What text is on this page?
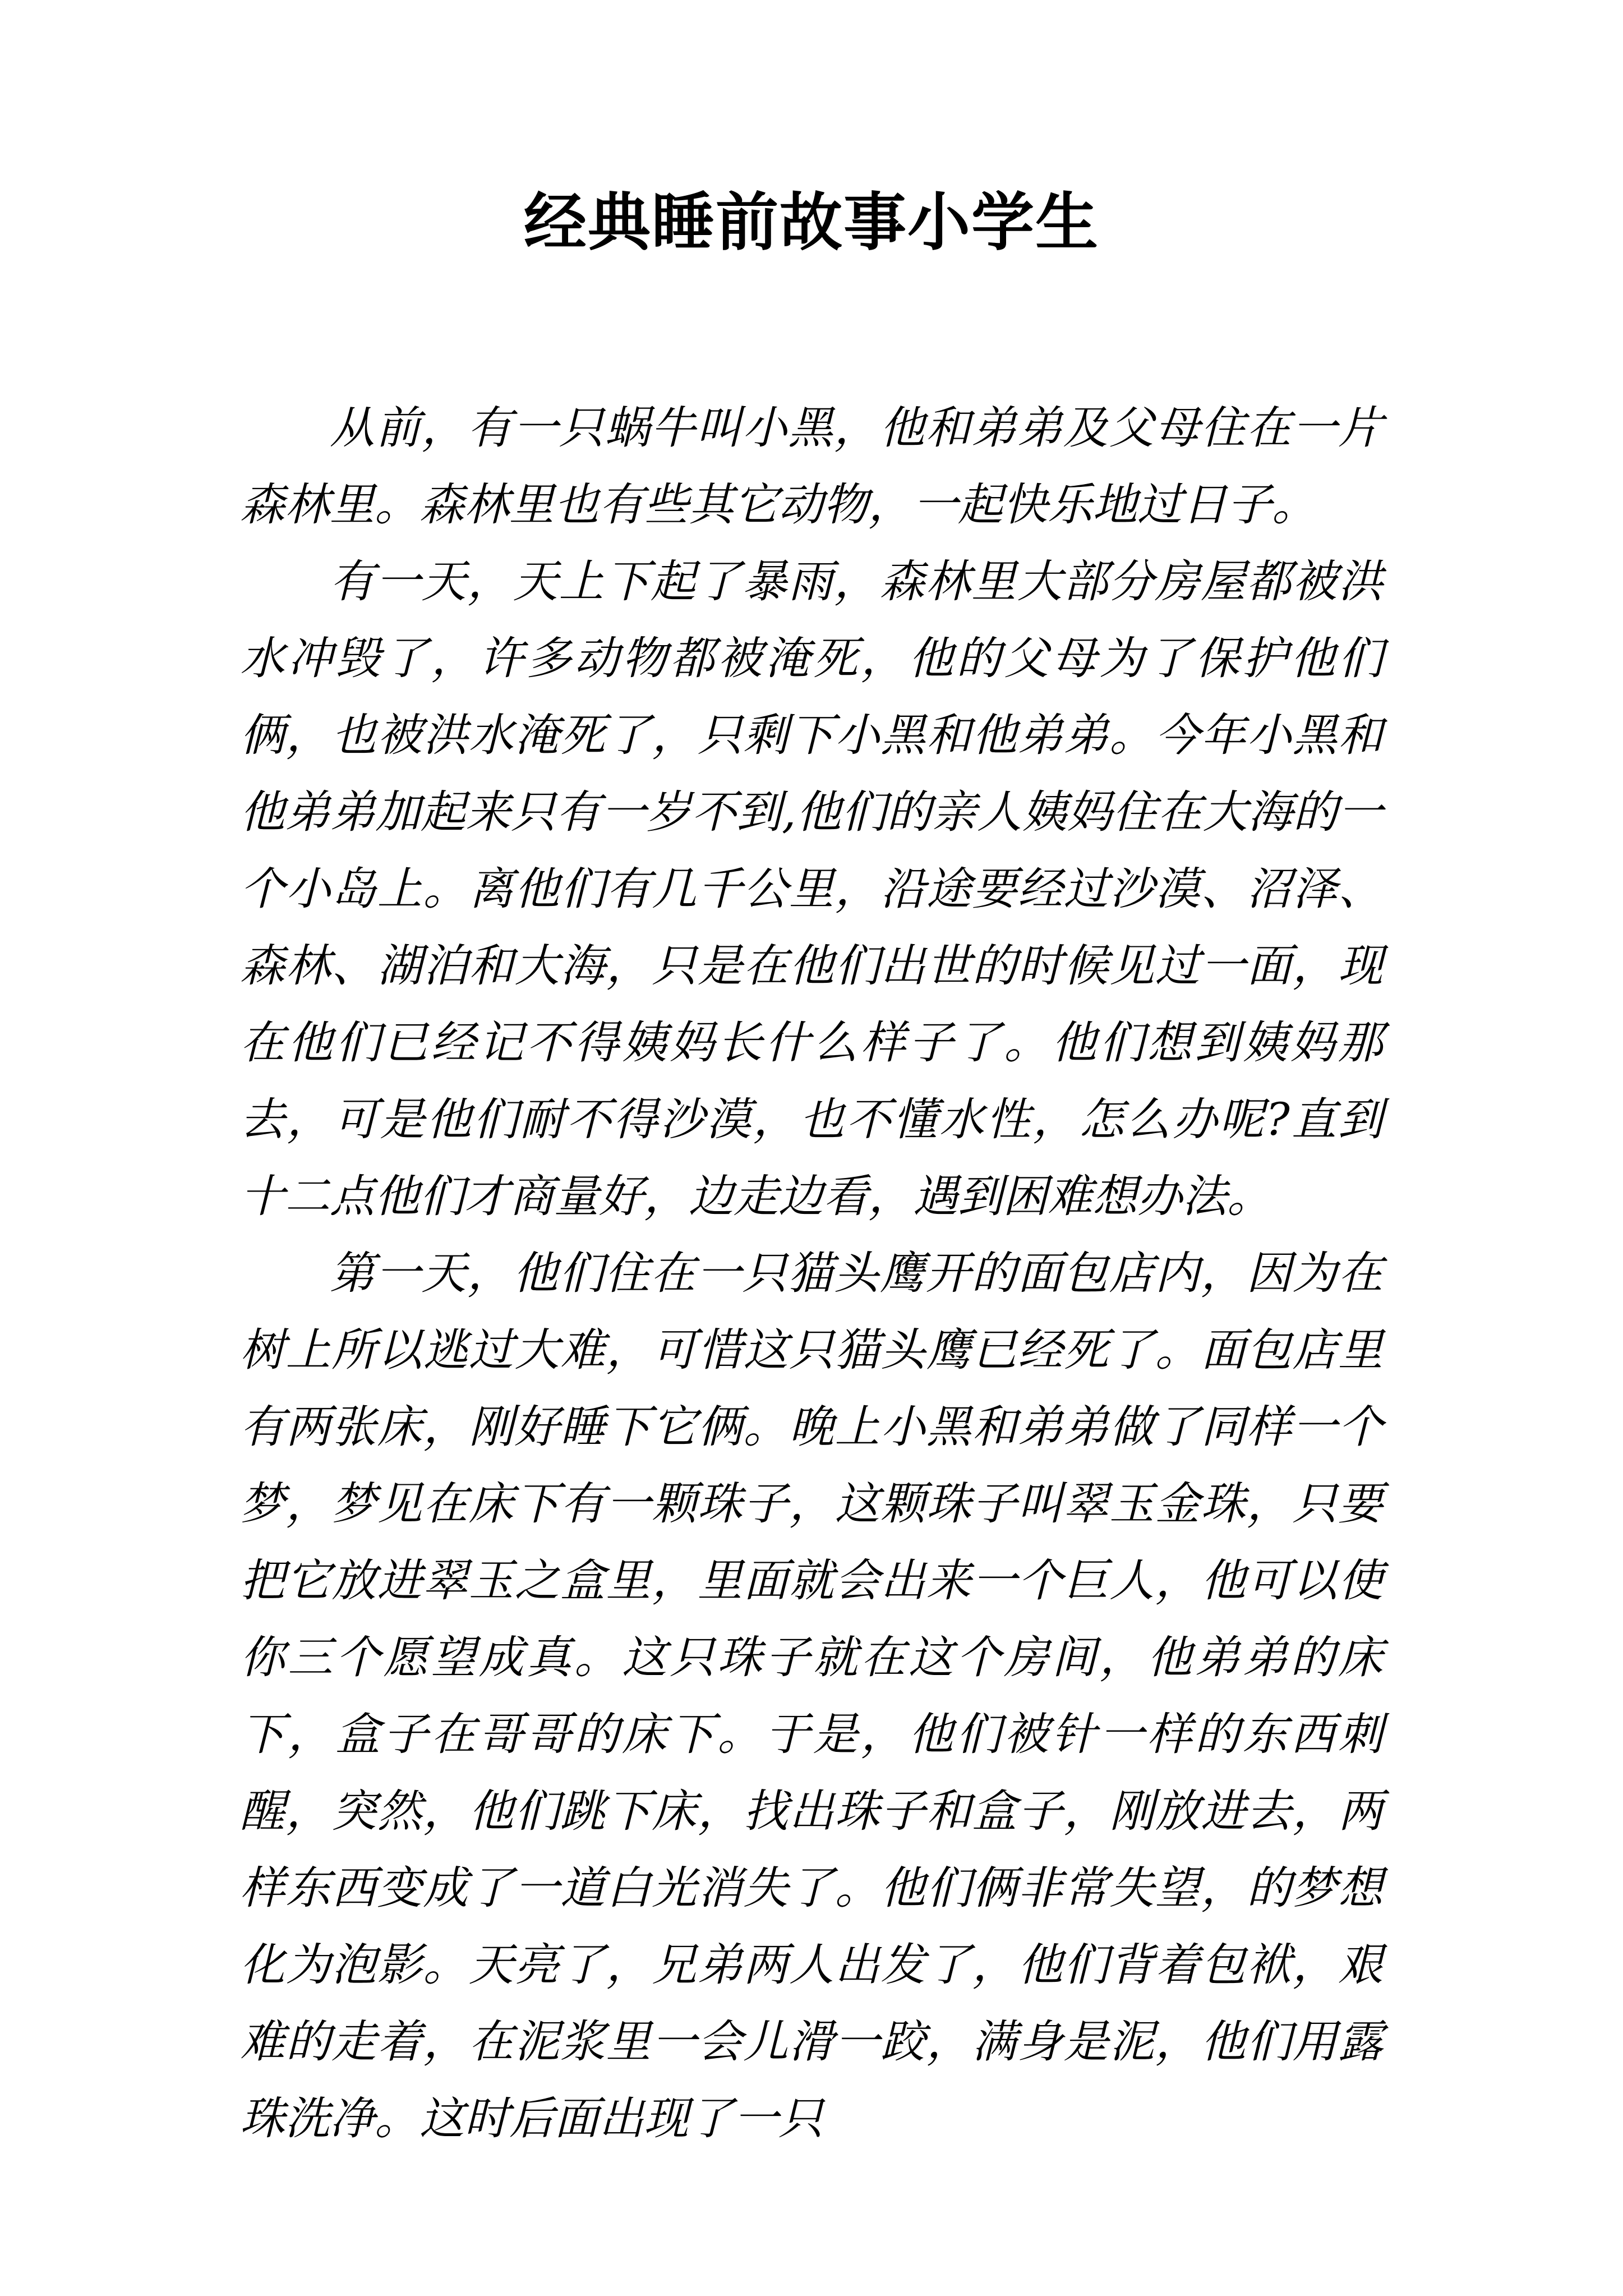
经典睡前故事小学生

从前，有一只蜗牛叫小黑，他和弟弟及父母住在一片森林里。森林里也有些其它动物，一起快乐地过日子。

有一天，天上下起了暴雨，森林里大部分房屋都被洪水冲毁了，许多动物都被淹死，他的父母为了保护他们俩，也被洪水淹死了，只剩下小黑和他弟弟。今年小黑和他弟弟加起来只有一岁不到,他们的亲人姨妈住在大海的一个小岛上。离他们有几千公里，沿途要经过沙漠、沼泽、森林、湖泊和大海，只是在他们出世的时候见过一面，现在他们已经记不得姨妈长什么样子了。他们想到姨妈那去，可是他们耐不得沙漠，也不懂水性，怎么办呢?直到十二点他们才商量好，边走边看，遇到困难想办法。

第一天，他们住在一只猫头鹰开的面包店内，因为在树上所以逃过大难，可惜这只猫头鹰已经死了。面包店里有两张床，刚好睡下它俩。晚上小黑和弟弟做了同样一个梦，梦见在床下有一颗珠子，这颗珠子叫翠玉金珠，只要把它放进翠玉之盒里，里面就会出来一个巨人，他可以使你三个愿望成真。这只珠子就在这个房间，他弟弟的床下，盒子在哥哥的床下。于是，他们被针一样的东西刺醒，突然，他们跳下床，找出珠子和盒子，刚放进去，两样东西变成了一道白光消失了。他们俩非常失望，的梦想化为泡影。天亮了，兄弟两人出发了，他们背着包袱，艰难的走着，在泥浆里一会儿滑一跤，满身是泥，他们用露珠洗净。这时后面出现了一只
